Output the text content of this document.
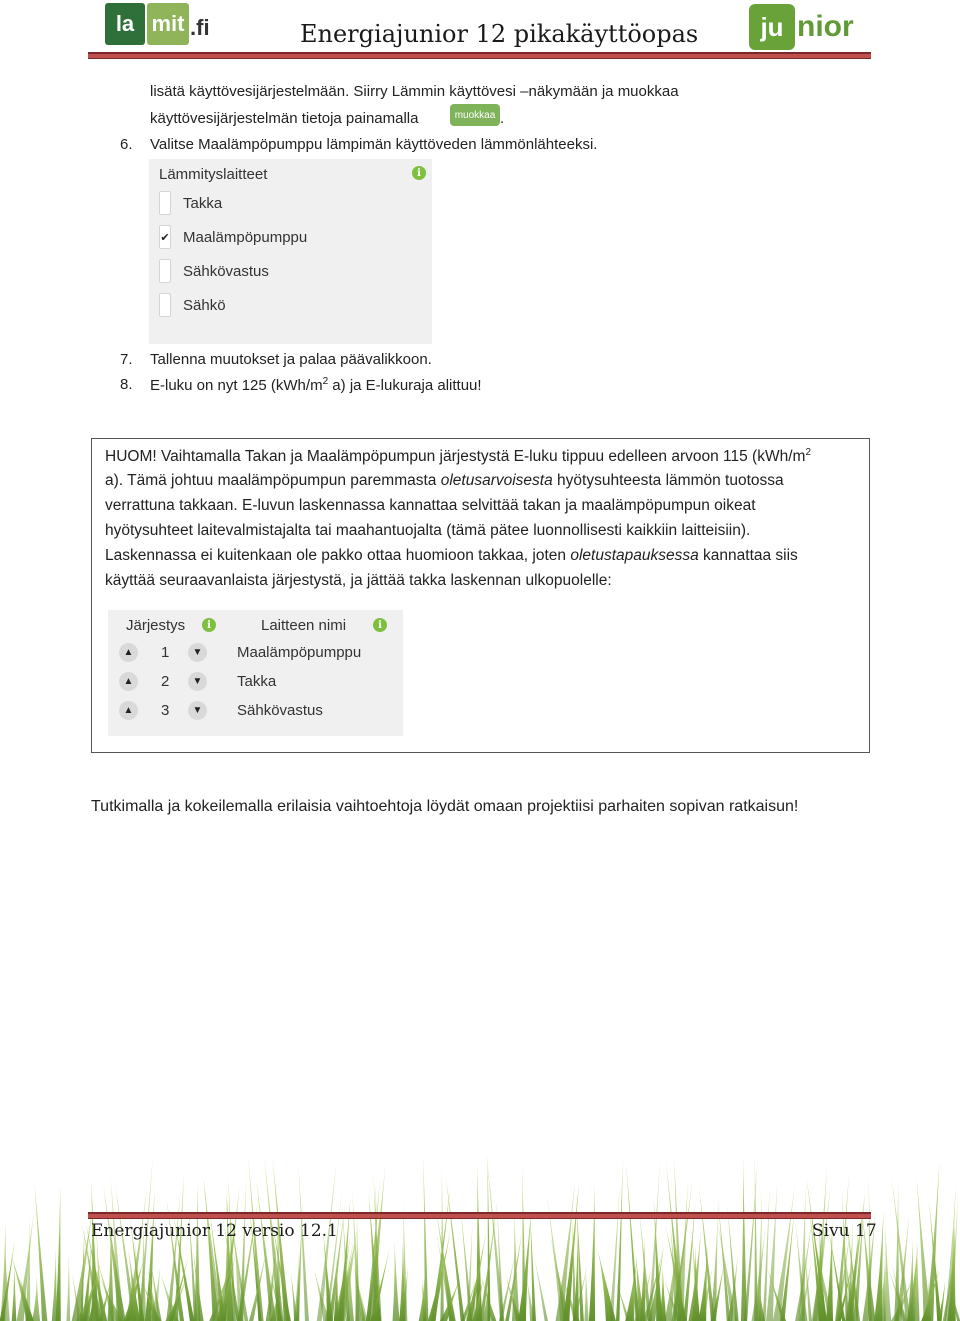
la mit .fi	Energiajunior 12 pikakäyttöopas	ju nior
lisätä käyttövesijärjestelmään. Siirry Lämmin käyttövesi –näkymään ja muokkaa
käyttövesijärjestelmän tietoja painamalla	muokkaa .
6. Valitse Maalämpöpumppu lämpimän käyttöveden lämmönlähteeksi.
Lämmityslaitteet	i
Takka
✔ Maalämpöpumppu
Sähkövastus
Sähkö
7. Tallenna muutokset ja palaa päävalikkoon.
8. E-luku on nyt 125 ($kWh/m^2$ a) ja E-lukuraja alittuu!
HUOM! Vaihtamalla Takan ja Maalämpöpumpun järjestystä E-luku tippuu edelleen arvoon 115 ($kWh/m^2$
a). Tämä johtuu maalämpöpumpun paremmasta oletusarvoisesta hyötysuhteesta lämmön tuotossa
verrattuna takkaan. E-luvun laskennassa kannattaa selvittää takan ja maalämpöpumpun oikeat
hyötysuhteet laitevalmistajalta tai maahantuojalta (tämä pätee luonnollisesti kaikkiin laitteisiin).
Laskennassa ei kuitenkaan ole pakko ottaa huomioon takkaa, joten oletustapauksessa kannattaa siis
käyttää seuraavanlaista järjestystä, ja jättää takka laskennan ulkopuolelle:
Järjestys	i	Laitteen nimi	i
▲	1	▼	Maalämpöpumppu
▲	2	▼	Takka
▲	3	▼	Sähkövastus
Tutkimalla ja kokeilemalla erilaisia vaihtoehtoja löydät omaan projektiisi parhaiten sopivan ratkaisun!
Energiajunior 12 versio 12.1	Sivu 17
